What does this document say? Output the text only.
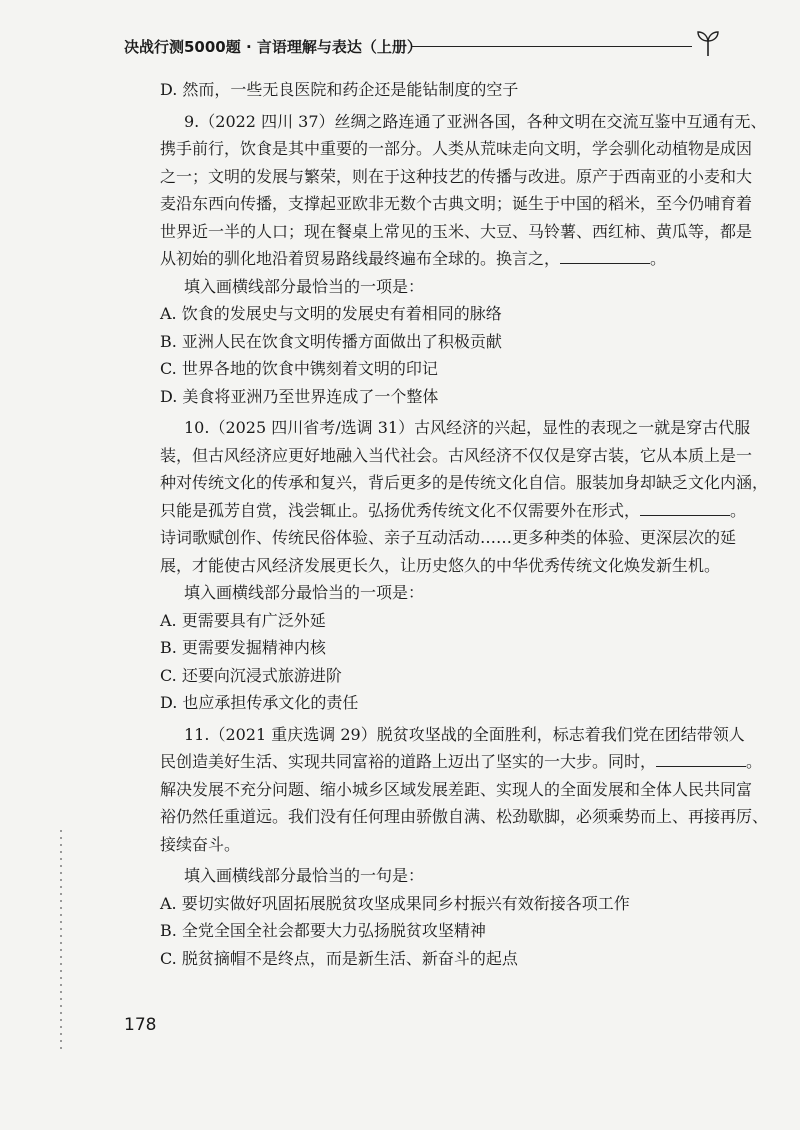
决战行测5000题 · 言语理解与表达（上册）
D. 然而，一些无良医院和药企还是能钻制度的空子
9.（2022 四川 37）丝绸之路连通了亚洲各国，各种文明在交流互鉴中互通有无、
携手前行，饮食是其中重要的一部分。人类从荒味走向文明，学会驯化动植物是成因
之一；文明的发展与繁荣，则在于这种技艺的传播与改进。原产于西南亚的小麦和大
麦沿东西向传播，支撑起亚欧非无数个古典文明；诞生于中国的稻米，至今仍哺育着
世界近一半的人口；现在餐桌上常见的玉米、大豆、马铃薯、西红柿、黄瓜等，都是
从初始的驯化地沿着贸易路线最终遍布全球的。换言之，	。
填入画横线部分最恰当的一项是：
A. 饮食的发展史与文明的发展史有着相同的脉络
B. 亚洲人民在饮食文明传播方面做出了积极贡献
C. 世界各地的饮食中镌刻着文明的印记
D. 美食将亚洲乃至世界连成了一个整体
10.（2025 四川省考/选调 31）古风经济的兴起，显性的表现之一就是穿古代服
装，但古风经济应更好地融入当代社会。古风经济不仅仅是穿古装，它从本质上是一
种对传统文化的传承和复兴，背后更多的是传统文化自信。服装加身却缺乏文化内涵，
只能是孤芳自赏，浅尝辄止。弘扬优秀传统文化不仅需要外在形式，	。
诗词歌赋创作、传统民俗体验、亲子互动活动……更多种类的体验、更深层次的延
展，才能使古风经济发展更长久，让历史悠久的中华优秀传统文化焕发新生机。
填入画横线部分最恰当的一项是：
A. 更需要具有广泛外延
B. 更需要发掘精神内核
C. 还要向沉浸式旅游进阶
D. 也应承担传承文化的责任
11.（2021 重庆选调 29）脱贫攻坚战的全面胜利，标志着我们党在团结带领人
民创造美好生活、实现共同富裕的道路上迈出了坚实的一大步。同时，	。
解决发展不充分问题、缩小城乡区域发展差距、实现人的全面发展和全体人民共同富
裕仍然任重道远。我们没有任何理由骄傲自满、松劲歇脚，必须乘势而上、再接再厉、
接续奋斗。
填入画横线部分最恰当的一句是：
A. 要切实做好巩固拓展脱贫攻坚成果同乡村振兴有效衔接各项工作
B. 全党全国全社会都要大力弘扬脱贫攻坚精神
C. 脱贫摘帽不是终点，而是新生活、新奋斗的起点
178
